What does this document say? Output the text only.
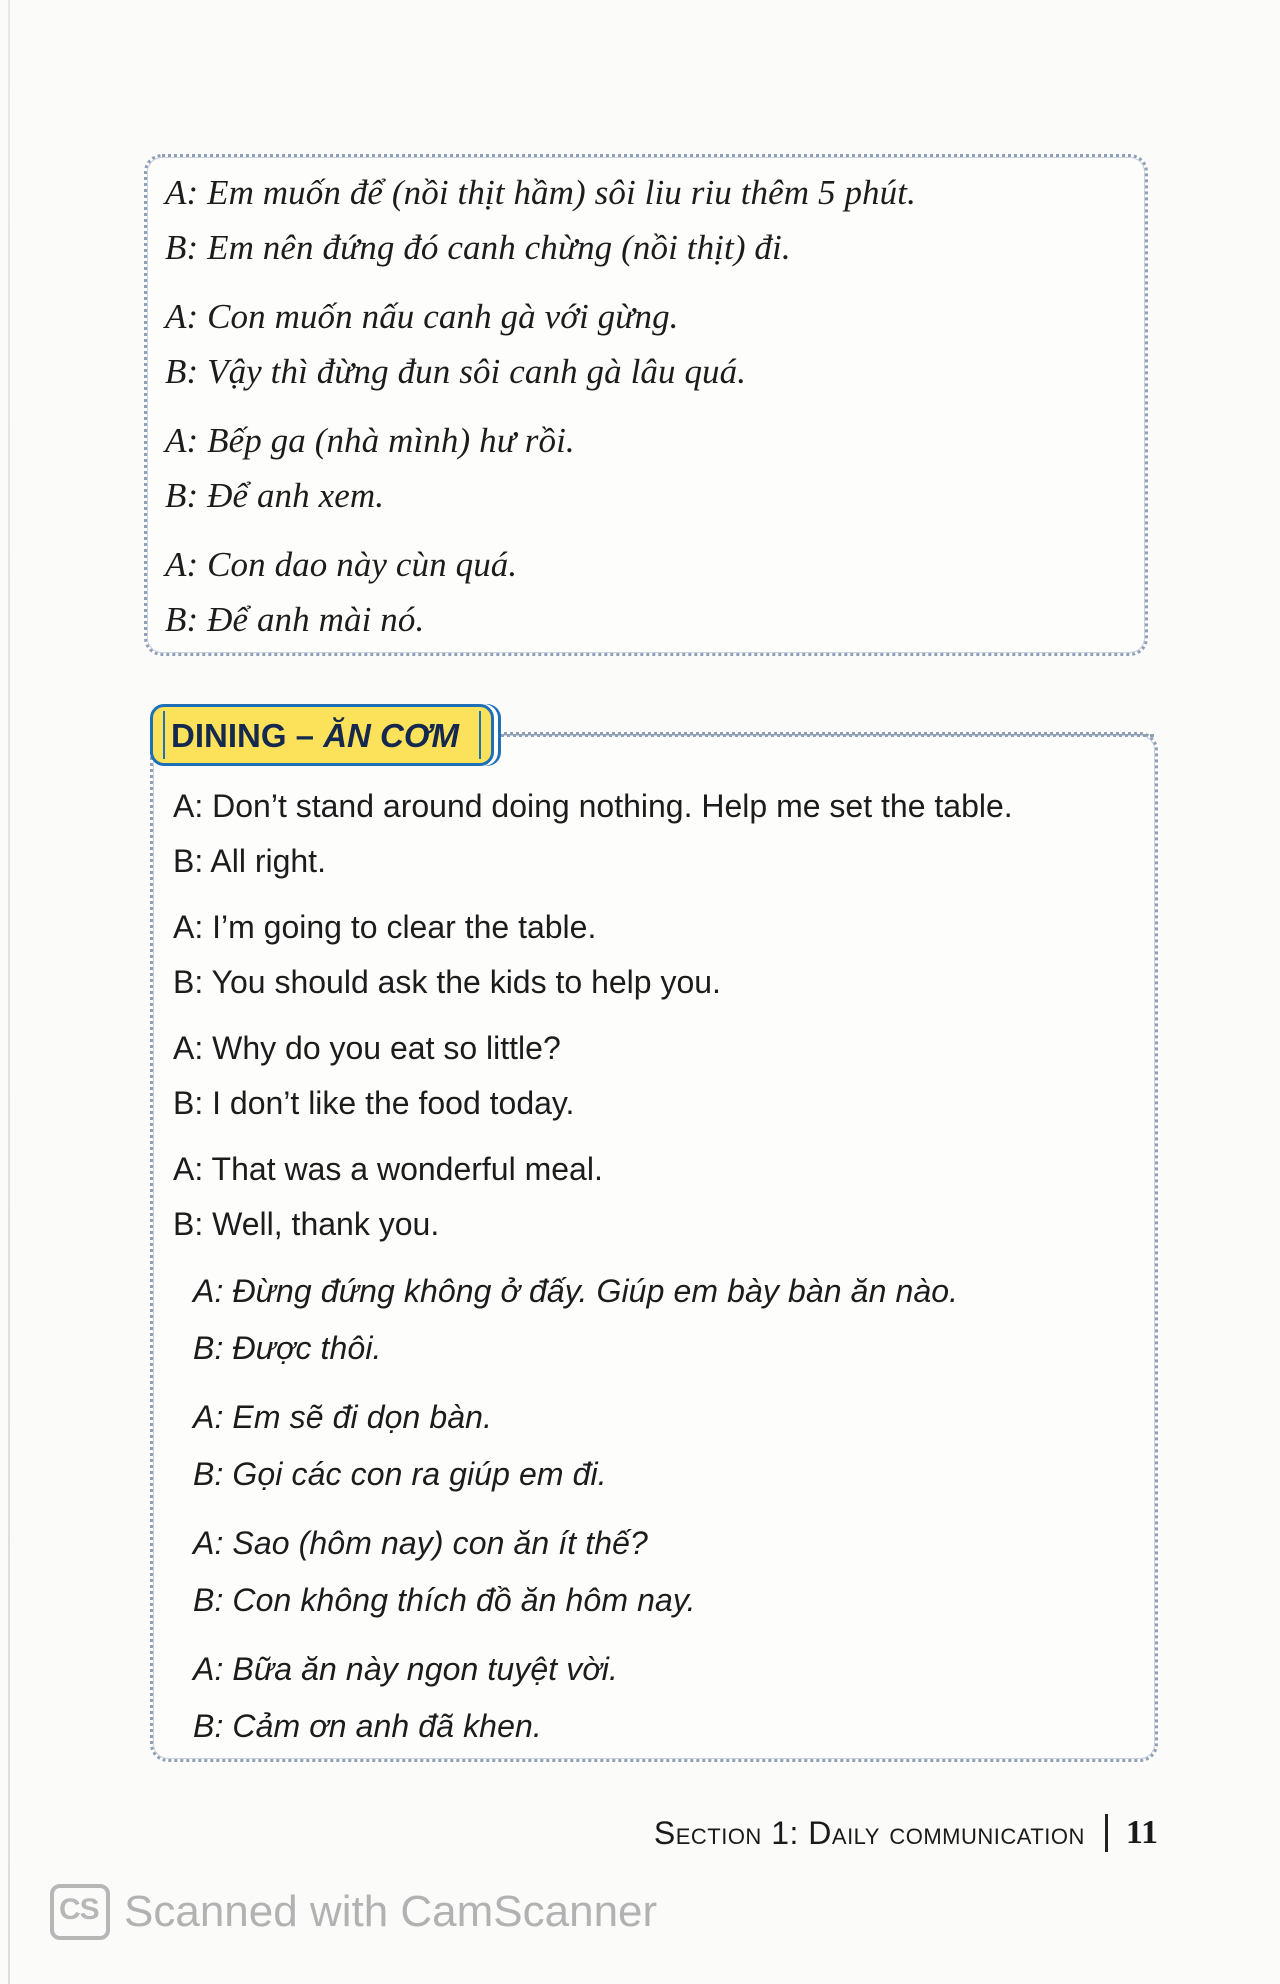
A: Em muốn để (nồi thịt hầm) sôi liu riu thêm 5 phút.
B: Em nên đứng đó canh chừng (nồi thịt) đi.
A: Con muốn nấu canh gà với gừng.
B: Vậy thì đừng đun sôi canh gà lâu quá.
A: Bếp ga (nhà mình) hư rồi.
B: Để anh xem.
A: Con dao này cùn quá.
B: Để anh mài nó.
DINING – ĂN CƠM
A: Don’t stand around doing nothing. Help me set the table.
B: All right.
A: I’m going to clear the table.
B: You should ask the kids to help you.
A: Why do you eat so little?
B: I don’t like the food today.
A: That was a wonderful meal.
B: Well, thank you.
A: Đừng đứng không ở đấy. Giúp em bày bàn ăn nào.
B: Được thôi.
A: Em sẽ đi dọn bàn.
B: Gọi các con ra giúp em đi.
A: Sao (hôm nay) con ăn ít thế?
B: Con không thích đồ ăn hôm nay.
A: Bữa ăn này ngon tuyệt vời.
B: Cảm ơn anh đã khen.
Section 1: Daily communication 11
CS Scanned with CamScanner
